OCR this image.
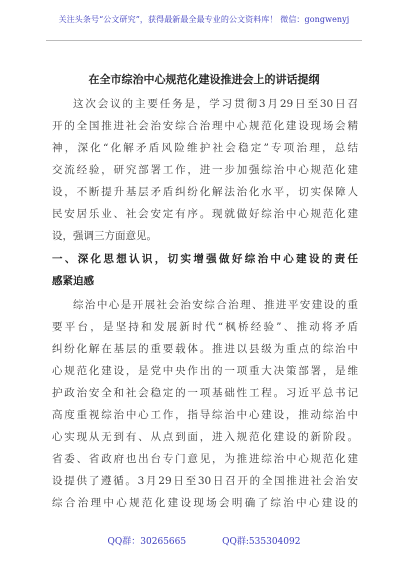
关注头条号“公文研究”，获得最新最全最专业的公文资料库！ 微信：gongwenyj
在全市综治中心规范化建设推进会上的讲话提纲
这次会议的主要任务是，学习贯彻3月29日至30日召
开的全国推进社会治安综合治理中心规范化建设现场会精
神，深化“化解矛盾风险维护社会稳定”专项治理，总结
交流经验，研究部署工作，进一步加强综治中心规范化建
设，不断提升基层矛盾纠纷化解法治化水平，切实保障人
民安居乐业、社会安定有序。现就做好综治中心规范化建
设，强调三方面意见。
一、深化思想认识，切实增强做好综治中心建设的责任
感紧迫感
综治中心是开展社会治安综合治理、推进平安建设的重
要平台，是坚持和发展新时代“枫桥经验”、推动将矛盾
纠纷化解在基层的重要载体。推进以县级为重点的综治中
心规范化建设，是党中央作出的一项重大决策部署，是维
护政治安全和社会稳定的一项基础性工程。习近平总书记
高度重视综治中心工作，指导综治中心建设，推动综治中
心实现从无到有、从点到面，进入规范化建设的新阶段。
省委、省政府也出台专门意见，为推进综治中心规范化建
设提供了遵循。3月29日至30日召开的全国推进社会治安
综合治理中心规范化建设现场会明确了综治中心建设的
QQ群：30265665	QQ群:535304092
